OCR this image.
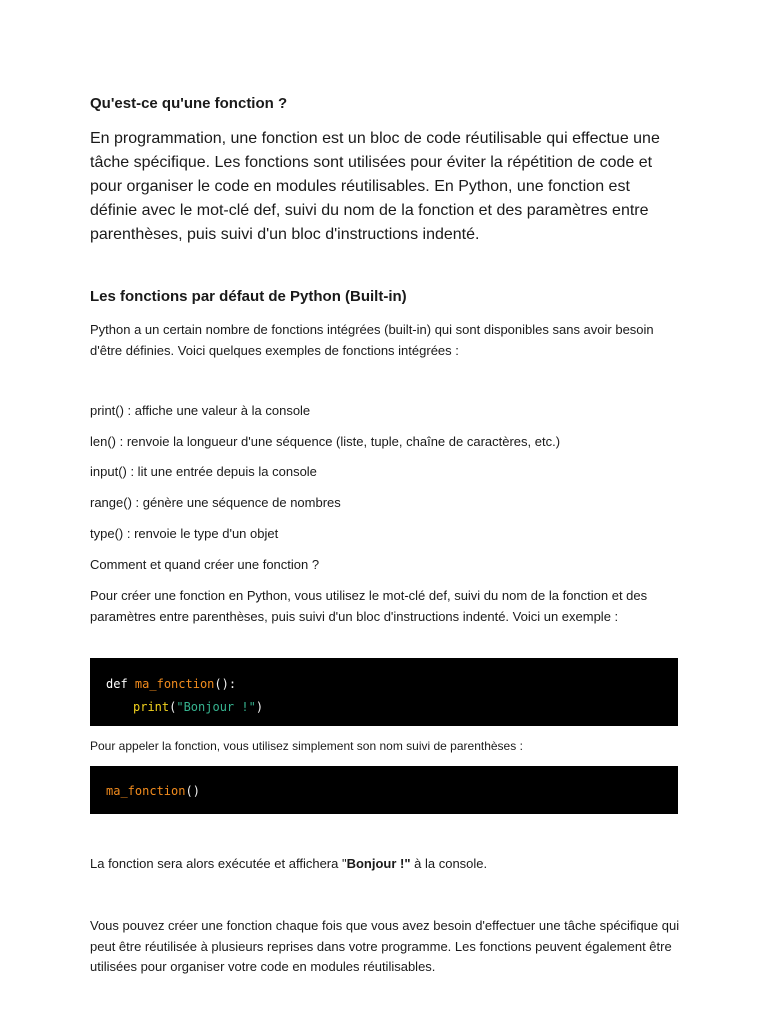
Qu'est-ce qu'une fonction ?
En programmation, une fonction est un bloc de code réutilisable qui effectue une tâche spécifique. Les fonctions sont utilisées pour éviter la répétition de code et pour organiser le code en modules réutilisables. En Python, une fonction est définie avec le mot-clé def, suivi du nom de la fonction et des paramètres entre parenthèses, puis suivi d'un bloc d'instructions indenté.
Les fonctions par défaut de Python (Built-in)
Python a un certain nombre de fonctions intégrées (built-in) qui sont disponibles sans avoir besoin d'être définies. Voici quelques exemples de fonctions intégrées :
print() : affiche une valeur à la console
len() : renvoie la longueur d'une séquence (liste, tuple, chaîne de caractères, etc.)
input() : lit une entrée depuis la console
range() : génère une séquence de nombres
type() : renvoie le type d'un objet
Comment et quand créer une fonction ?
Pour créer une fonction en Python, vous utilisez le mot-clé def, suivi du nom de la fonction et des paramètres entre parenthèses, puis suivi d'un bloc d'instructions indenté. Voici un exemple :
def ma_fonction():
print("Bonjour !")
Pour appeler la fonction, vous utilisez simplement son nom suivi de parenthèses :
ma_fonction()
La fonction sera alors exécutée et affichera "Bonjour !" à la console.
Vous pouvez créer une fonction chaque fois que vous avez besoin d'effectuer une tâche spécifique qui peut être réutilisée à plusieurs reprises dans votre programme. Les fonctions peuvent également être utilisées pour organiser votre code en modules réutilisables.
